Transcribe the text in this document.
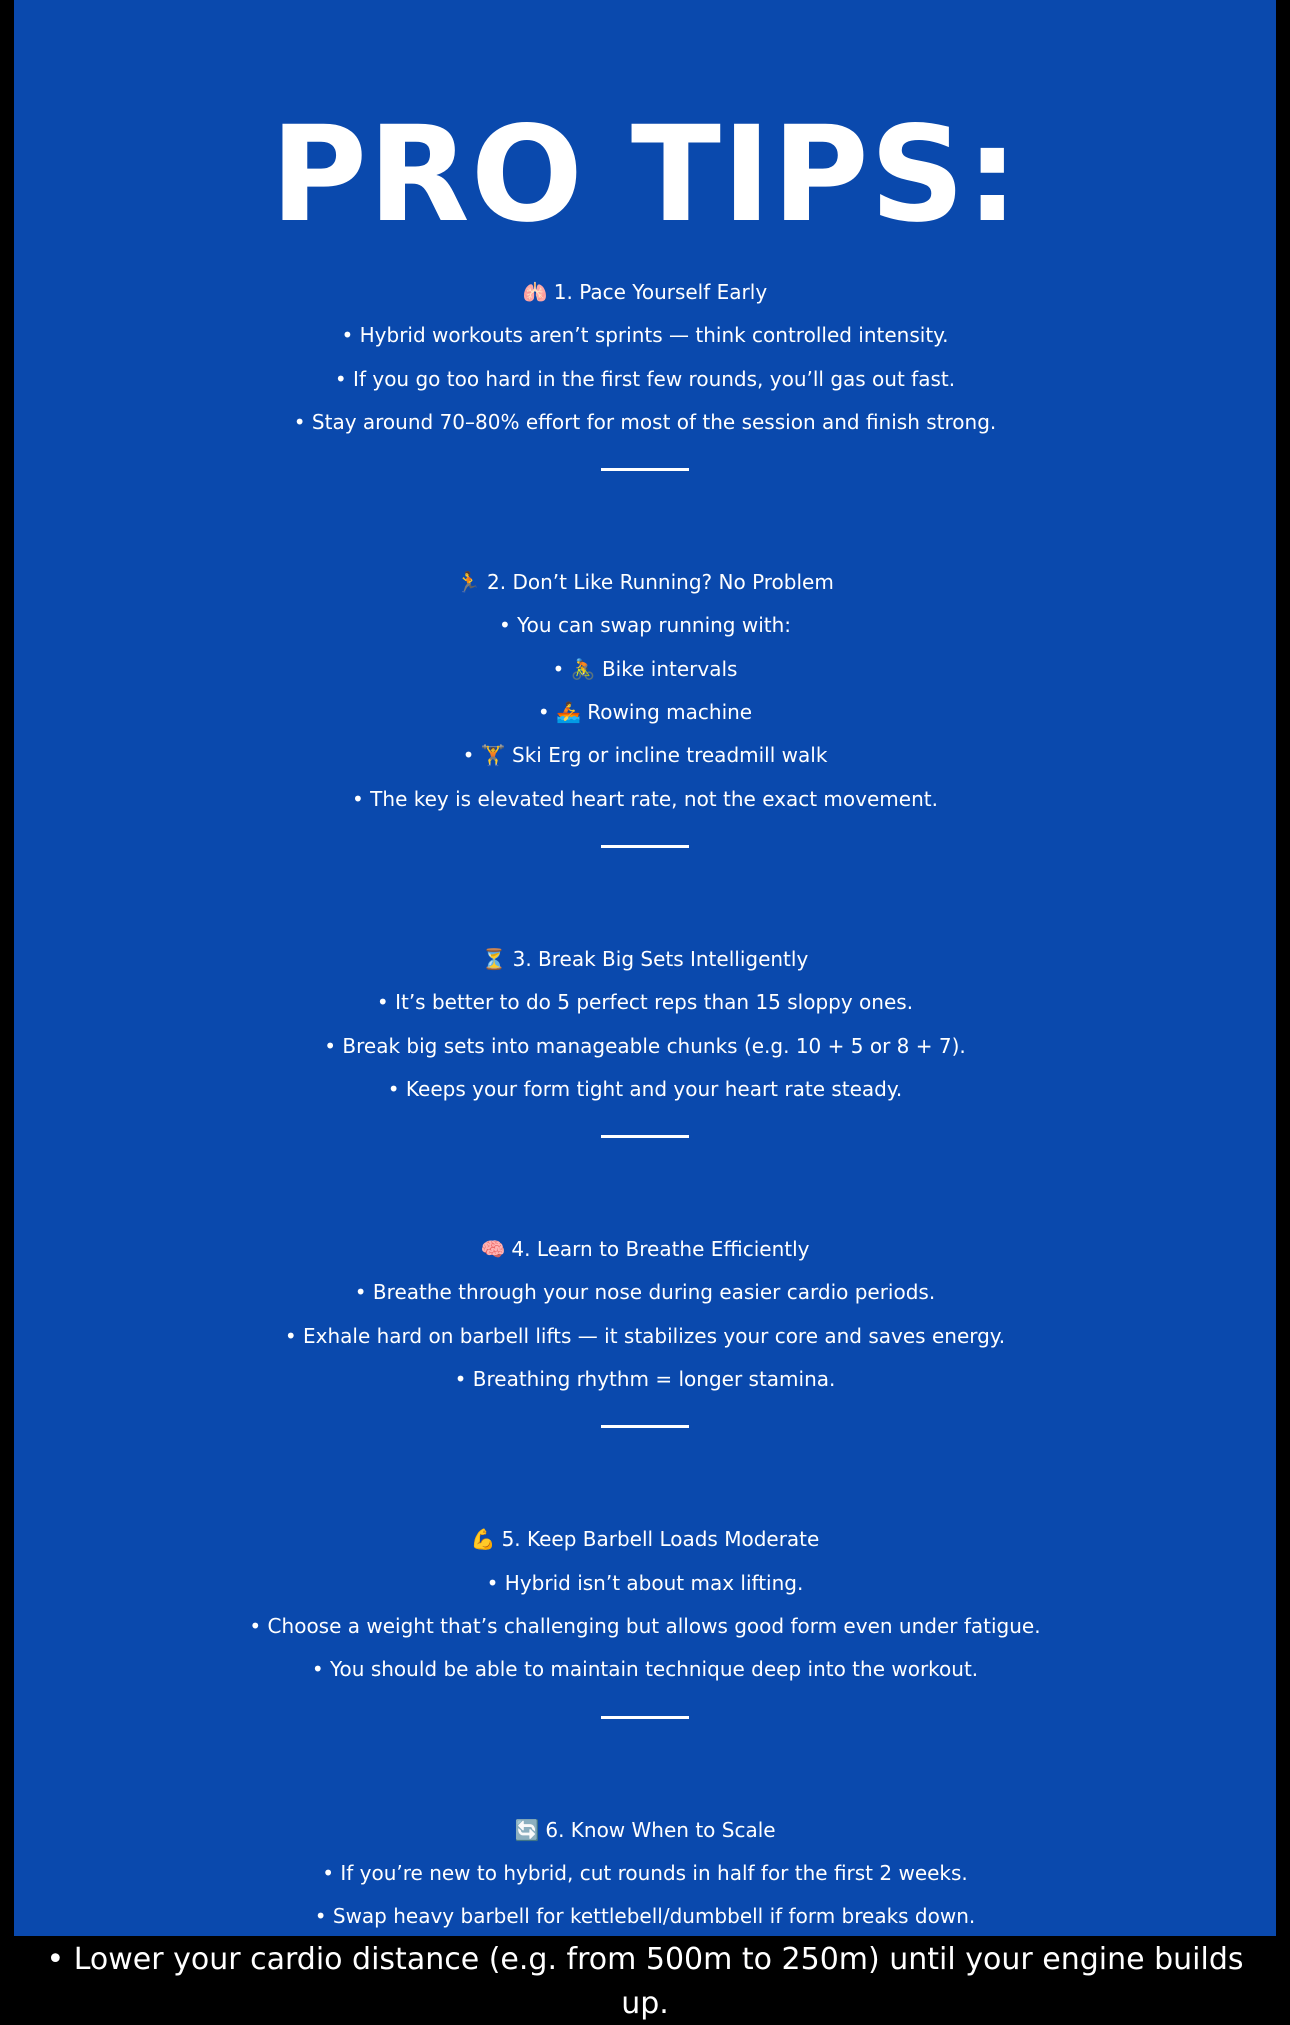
PRO TIPS:

🫁 1. Pace Yourself Early

• Hybrid workouts aren’t sprints — think controlled intensity.

• If you go too hard in the first few rounds, you’ll gas out fast.

• Stay around 70–80% effort for most of the session and finish strong.

🏃 2. Don’t Like Running? No Problem

• You can swap running with:

• 🚴 Bike intervals

• 🚣 Rowing machine

• 🏋 Ski Erg or incline treadmill walk

• The key is elevated heart rate, not the exact movement.

⏳ 3. Break Big Sets Intelligently

• It’s better to do 5 perfect reps than 15 sloppy ones.

• Break big sets into manageable chunks (e.g. 10 + 5 or 8 + 7).

• Keeps your form tight and your heart rate steady.

🧠 4. Learn to Breathe Efficiently

• Breathe through your nose during easier cardio periods.

• Exhale hard on barbell lifts — it stabilizes your core and saves energy.

• Breathing rhythm = longer stamina.

💪 5. Keep Barbell Loads Moderate

• Hybrid isn’t about max lifting.

• Choose a weight that’s challenging but allows good form even under fatigue.

• You should be able to maintain technique deep into the workout.

🔄 6. Know When to Scale

• If you’re new to hybrid, cut rounds in half for the first 2 weeks.

• Swap heavy barbell for kettlebell/dumbbell if form breaks down.

• Lower your cardio distance (e.g. from 500m to 250m) until your engine builds up.
